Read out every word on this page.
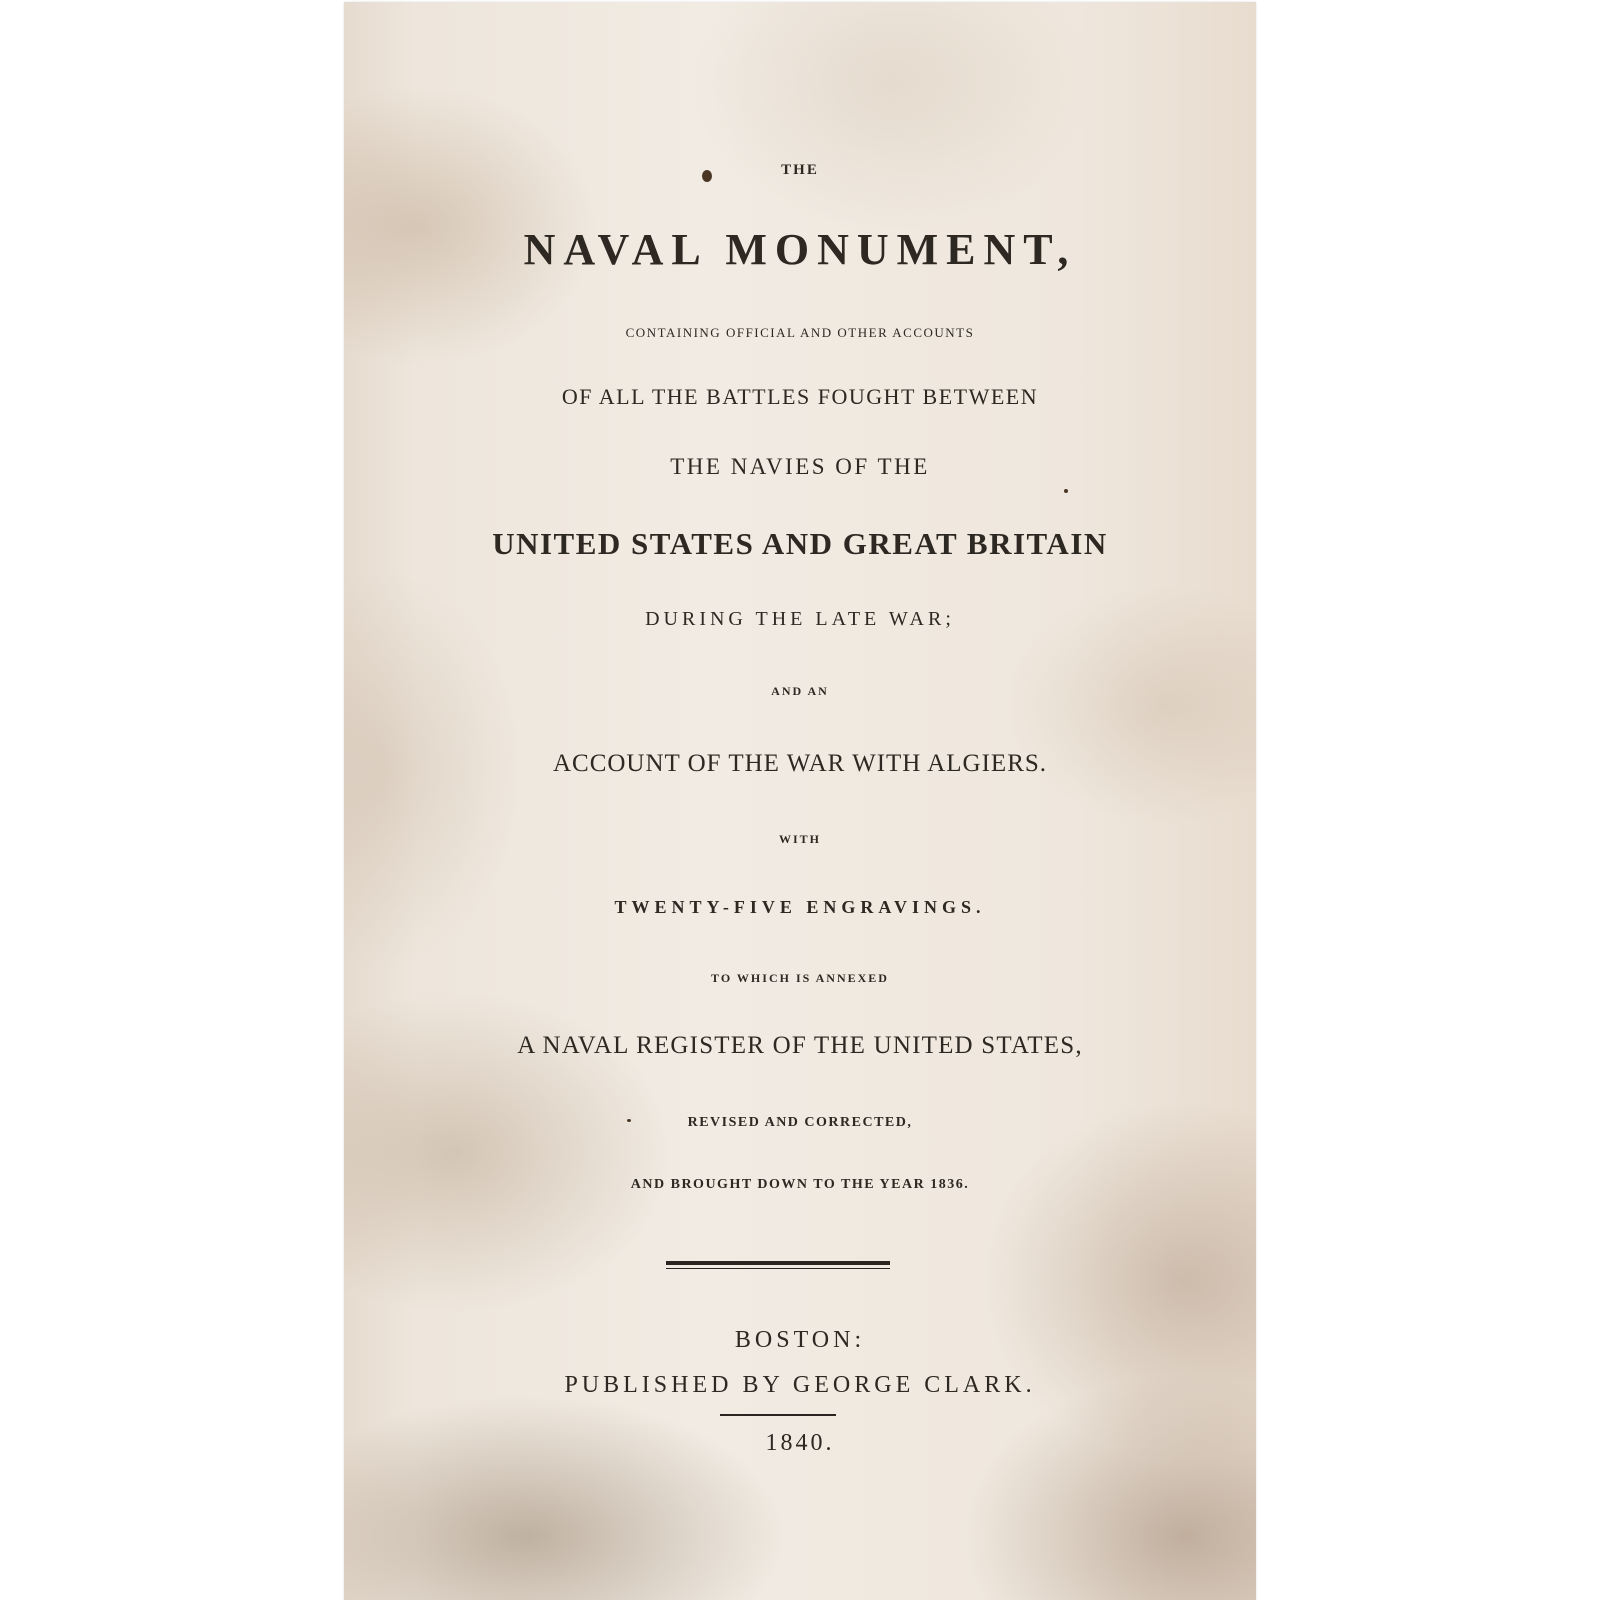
THE
NAVAL MONUMENT,
CONTAINING OFFICIAL AND OTHER ACCOUNTS
OF ALL THE BATTLES FOUGHT BETWEEN
THE NAVIES OF THE
UNITED STATES AND GREAT BRITAIN
DURING THE LATE WAR;
AND AN
ACCOUNT OF THE WAR WITH ALGIERS.
WITH
TWENTY-FIVE ENGRAVINGS.
TO WHICH IS ANNEXED
A NAVAL REGISTER OF THE UNITED STATES,
REVISED AND CORRECTED,
AND BROUGHT DOWN TO THE YEAR 1836.
BOSTON:
PUBLISHED BY GEORGE CLARK.
1840.
